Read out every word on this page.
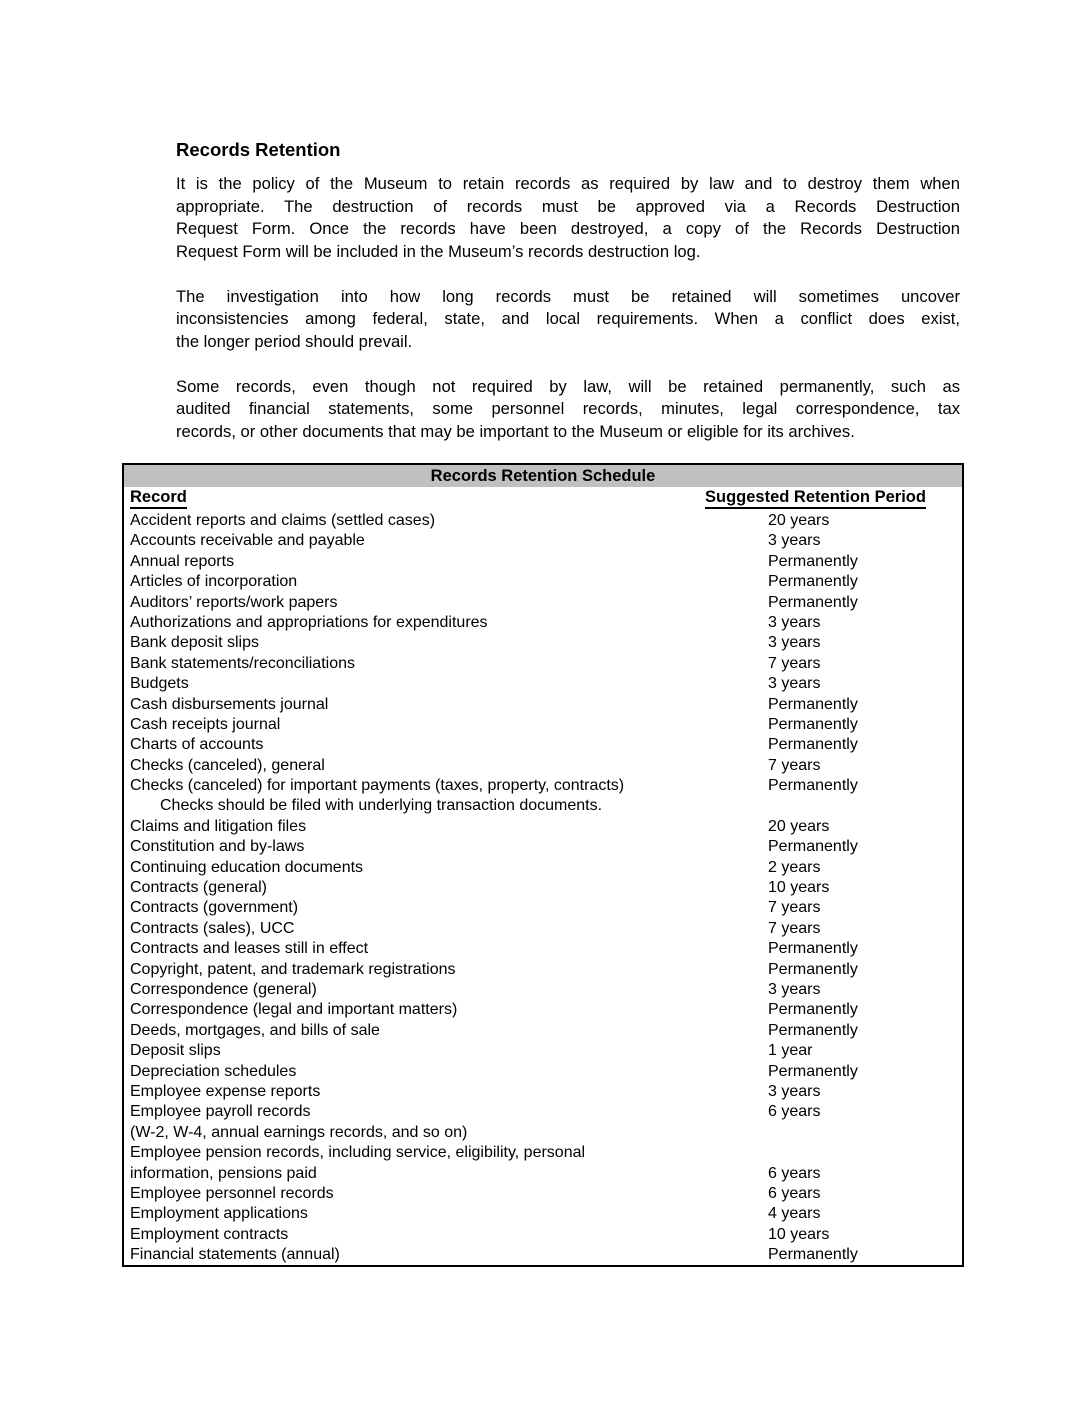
Records Retention
It is the policy of the Museum to retain records as required by law and to destroy them when
appropriate. The destruction of records must be approved via a Records Destruction
Request Form. Once the records have been destroyed, a copy of the Records Destruction
Request Form will be included in the Museum’s records destruction log.
The investigation into how long records must be retained will sometimes uncover
inconsistencies among federal, state, and local requirements. When a conflict does exist,
the longer period should prevail.
Some records, even though not required by law, will be retained permanently, such as
audited financial statements, some personnel records, minutes, legal correspondence, tax
records, or other documents that may be important to the Museum or eligible for its archives.
Records Retention Schedule
Record	Suggested Retention Period
Accident reports and claims (settled cases)	20 years
Accounts receivable and payable	3 years
Annual reports	Permanently
Articles of incorporation	Permanently
Auditors’ reports/work papers	Permanently
Authorizations and appropriations for expenditures	3 years
Bank deposit slips	3 years
Bank statements/reconciliations	7 years
Budgets	3 years
Cash disbursements journal	Permanently
Cash receipts journal	Permanently
Charts of accounts	Permanently
Checks (canceled), general	7 years
Checks (canceled) for important payments (taxes, property, contracts)	Permanently
Checks should be filed with underlying transaction documents.
Claims and litigation files	20 years
Constitution and by-laws	Permanently
Continuing education documents	2 years
Contracts (general)	10 years
Contracts (government)	7 years
Contracts (sales), UCC	7 years
Contracts and leases still in effect	Permanently
Copyright, patent, and trademark registrations	Permanently
Correspondence (general)	3 years
Correspondence (legal and important matters)	Permanently
Deeds, mortgages, and bills of sale	Permanently
Deposit slips	1 year
Depreciation schedules	Permanently
Employee expense reports	3 years
Employee payroll records	6 years
(W-2, W-4, annual earnings records, and so on)
Employee pension records, including service, eligibility, personal
information, pensions paid	6 years
Employee personnel records	6 years
Employment applications	4 years
Employment contracts	10 years
Financial statements (annual)	Permanently
